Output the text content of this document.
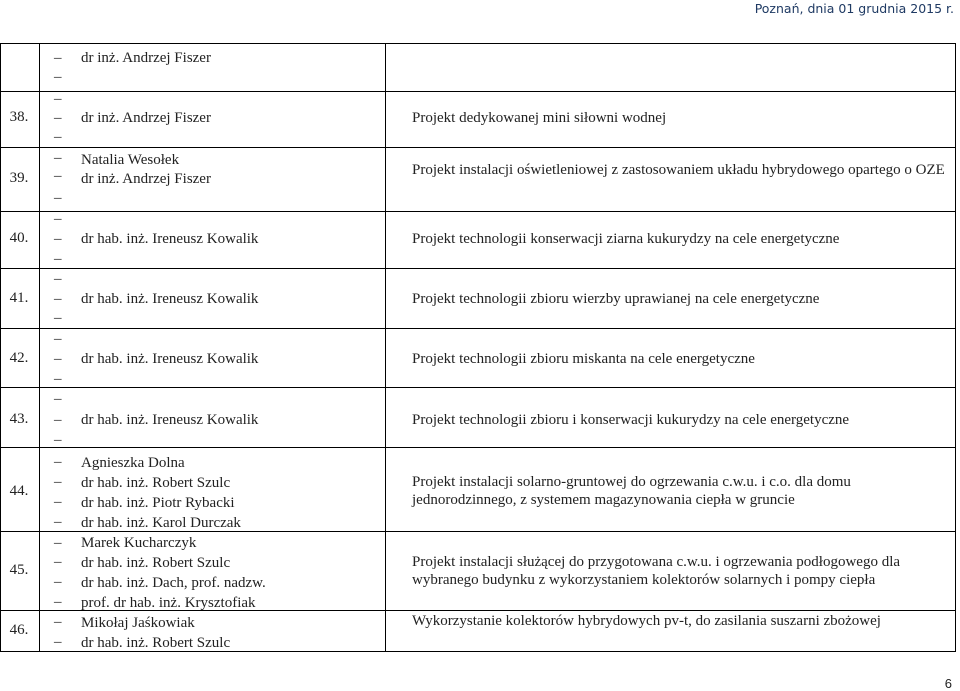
Poznań, dnia 01 grudnia 2015 r.
– dr inż. Andrzej Fiszer
–
38.
–
– dr inż. Andrzej Fiszer
–
Projekt dedykowanej mini siłowni wodnej
39.
– Natalia Wesołek
– dr inż. Andrzej Fiszer
–
Projekt instalacji oświetleniowej z zastosowaniem układu hybrydowego opartego o OZE
40.
–
– dr hab. inż. Ireneusz Kowalik
–
Projekt technologii konserwacji ziarna kukurydzy na cele energetyczne
41.
–
– dr hab. inż. Ireneusz Kowalik
–
Projekt technologii zbioru wierzby uprawianej na cele energetyczne
42.
–
– dr hab. inż. Ireneusz Kowalik
–
Projekt technologii zbioru miskanta na cele energetyczne
43.
–
– dr hab. inż. Ireneusz Kowalik
–
Projekt technologii zbioru i konserwacji kukurydzy na cele energetyczne
44.
– Agnieszka Dolna
– dr hab. inż. Robert Szulc
– dr hab. inż. Piotr Rybacki
– dr hab. inż. Karol Durczak
Projekt instalacji solarno-gruntowej do ogrzewania c.w.u. i c.o. dla domu jednorodzinnego, z systemem magazynowania ciepła w gruncie
45.
– Marek Kucharczyk
– dr hab. inż. Robert Szulc
– dr hab. inż. Dach, prof. nadzw.
– prof. dr hab. inż. Krysztofiak
Projekt instalacji służącej do przygotowana c.w.u. i ogrzewania podłogowego dla wybranego budynku z wykorzystaniem kolektorów solarnych i pompy ciepła
46.	– Mikołaj Jaśkowiak
– dr hab. inż. Robert Szulc
Wykorzystanie kolektorów hybrydowych pv-t, do zasilania suszarni zbożowej
6
